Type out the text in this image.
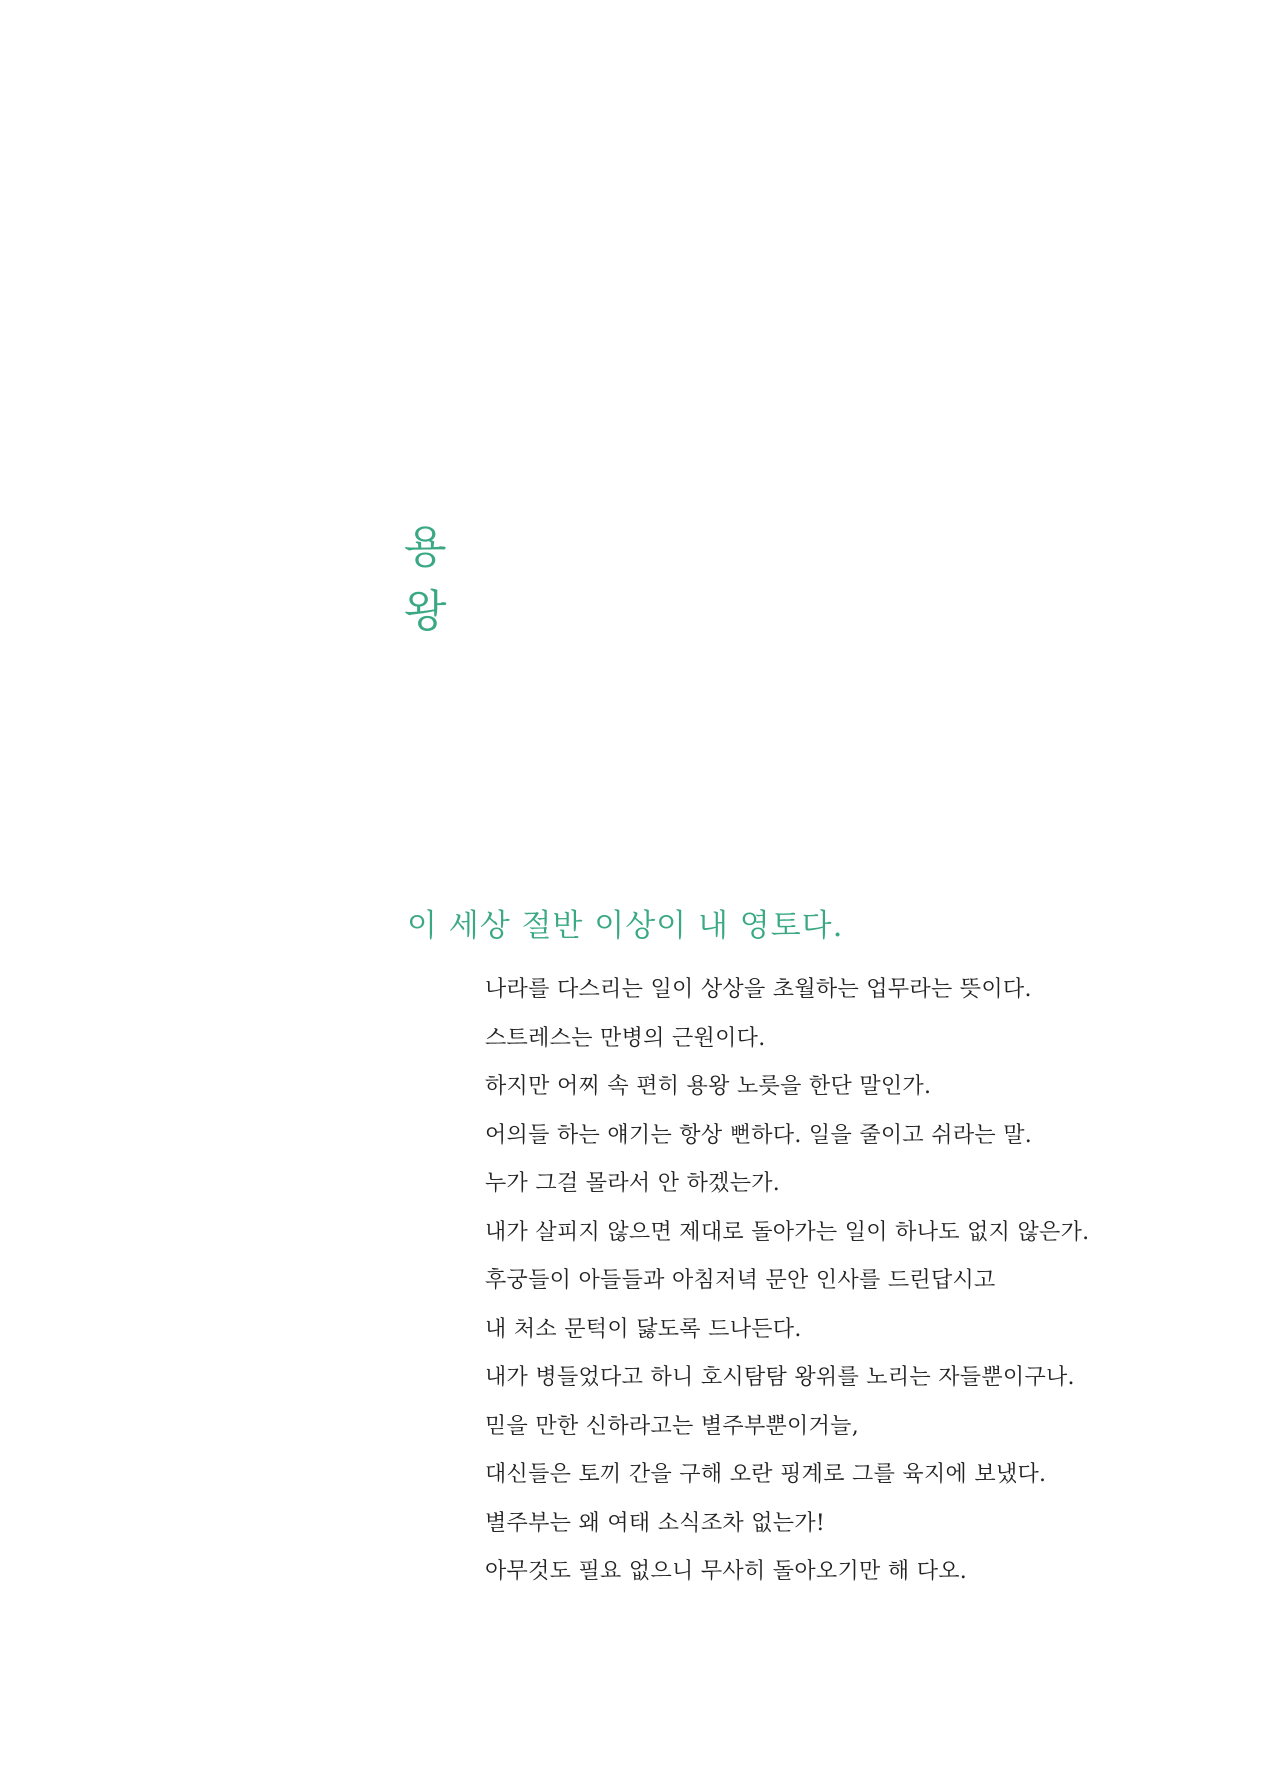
용
왕
이 세상 절반 이상이 내 영토다.
나라를 다스리는 일이 상상을 초월하는 업무라는 뜻이다.
스트레스는 만병의 근원이다.
하지만 어찌 속 편히 용왕 노릇을 한단 말인가.
어의들 하는 얘기는 항상 뻔하다. 일을 줄이고 쉬라는 말.
누가 그걸 몰라서 안 하겠는가.
내가 살피지 않으면 제대로 돌아가는 일이 하나도 없지 않은가.
후궁들이 아들들과 아침저녁 문안 인사를 드린답시고
내 처소 문턱이 닳도록 드나든다.
내가 병들었다고 하니 호시탐탐 왕위를 노리는 자들뿐이구나.
믿을 만한 신하라고는 별주부뿐이거늘,
대신들은 토끼 간을 구해 오란 핑계로 그를 육지에 보냈다.
별주부는 왜 여태 소식조차 없는가!
아무것도 필요 없으니 무사히 돌아오기만 해 다오.
